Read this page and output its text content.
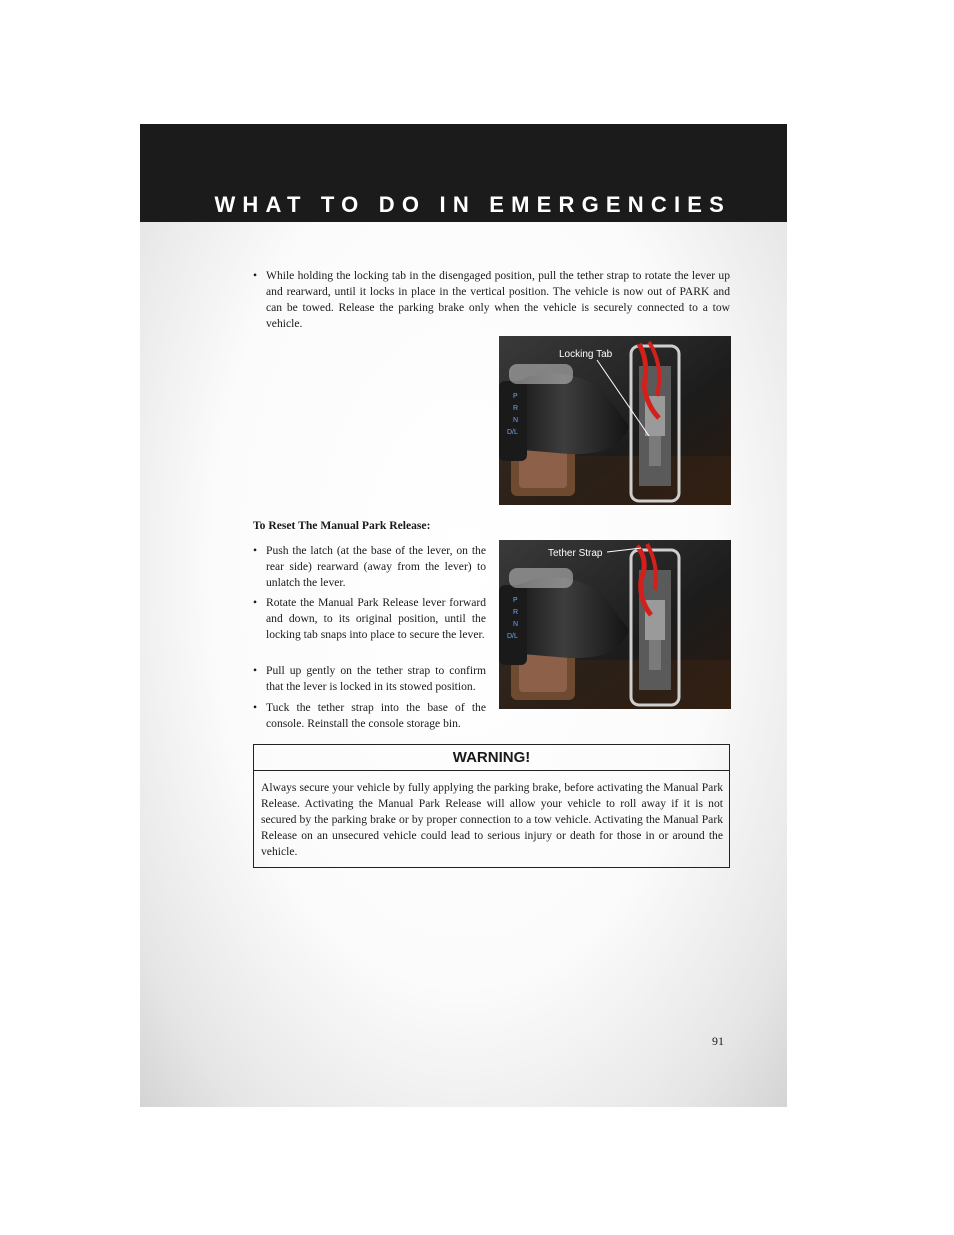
WHAT TO DO IN EMERGENCIES
• While holding the locking tab in the disengaged position, pull the tether strap to rotate the lever up and rearward, until it locks in place in the vertical position. The vehicle is now out of PARK and can be towed. Release the parking brake only when the vehicle is securely connected to a tow vehicle.
P
R
N
D/L
Locking Tab
To Reset The Manual Park Release:
• Push the latch (at the base of the lever, on the rear side) rearward (away from the lever) to unlatch the lever.
• Rotate the Manual Park Release lever forward and down, to its original position, until the locking tab snaps into place to secure the lever.
• Pull up gently on the tether strap to confirm that the lever is locked in its stowed position.
• Tuck the tether strap into the base of the console. Reinstall the console storage bin.
P
R
N
D/L
Tether Strap
WARNING!
Always secure your vehicle by fully applying the parking brake, before activating the Manual Park Release. Activating the Manual Park Release will allow your vehicle to roll away if it is not secured by the parking brake or by proper connection to a tow vehicle. Activating the Manual Park Release on an unsecured vehicle could lead to serious injury or death for those in or around the vehicle.
91
